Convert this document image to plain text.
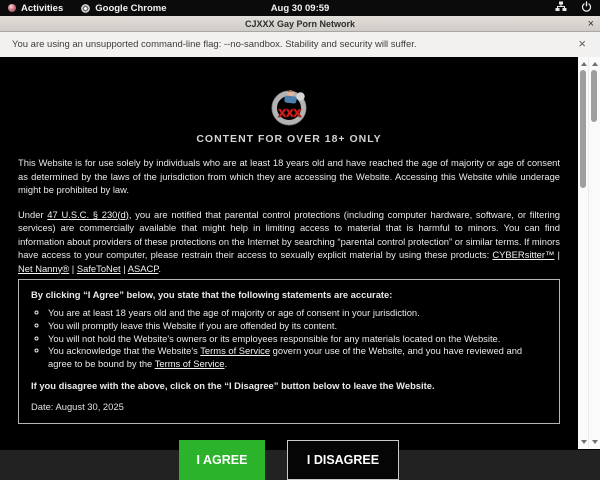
Activities	Google Chrome	Aug 30 09:59
CJXXX Gay Porn Network	×
You are using an unsupported command-line flag: --no-sandbox. Stability and security will suffer.	×
xxx
CONTENT FOR OVER 18+ ONLY

This Website is for use solely by individuals who are at least 18 years old and have reached the age of majority or age of consent as determined by the laws of the jurisdiction from which they are accessing the Website. Accessing this Website while underage might be prohibited by law.

Under 47 U.S.C. § 230(d), you are notified that parental control protections (including computer hardware, software, or filtering services) are commercially available that might help in limiting access to material that is harmful to minors. You can find information about providers of these protections on the Internet by searching “parental control protection” or similar terms. If minors have access to your computer, please restrain their access to sexually explicit material by using these products: CYBERsitter™ | Net Nanny® | SafeToNet | ASACP.

By clicking “I Agree” below, you state that the following statements are accurate:
◦ You are at least 18 years old and the age of majority or age of consent in your jurisdiction.
◦ You will promptly leave this Website if you are offended by its content.
◦ You will not hold the Website's owners or its employees responsible for any materials located on the Website.
◦ You acknowledge that the Website's Terms of Service govern your use of the Website, and you have reviewed and agree to be bound by the Terms of Service.
If you disagree with the above, click on the “I Disagree” button below to leave the Website.
Date: August 30, 2025
I AGREE	I DISAGREE
